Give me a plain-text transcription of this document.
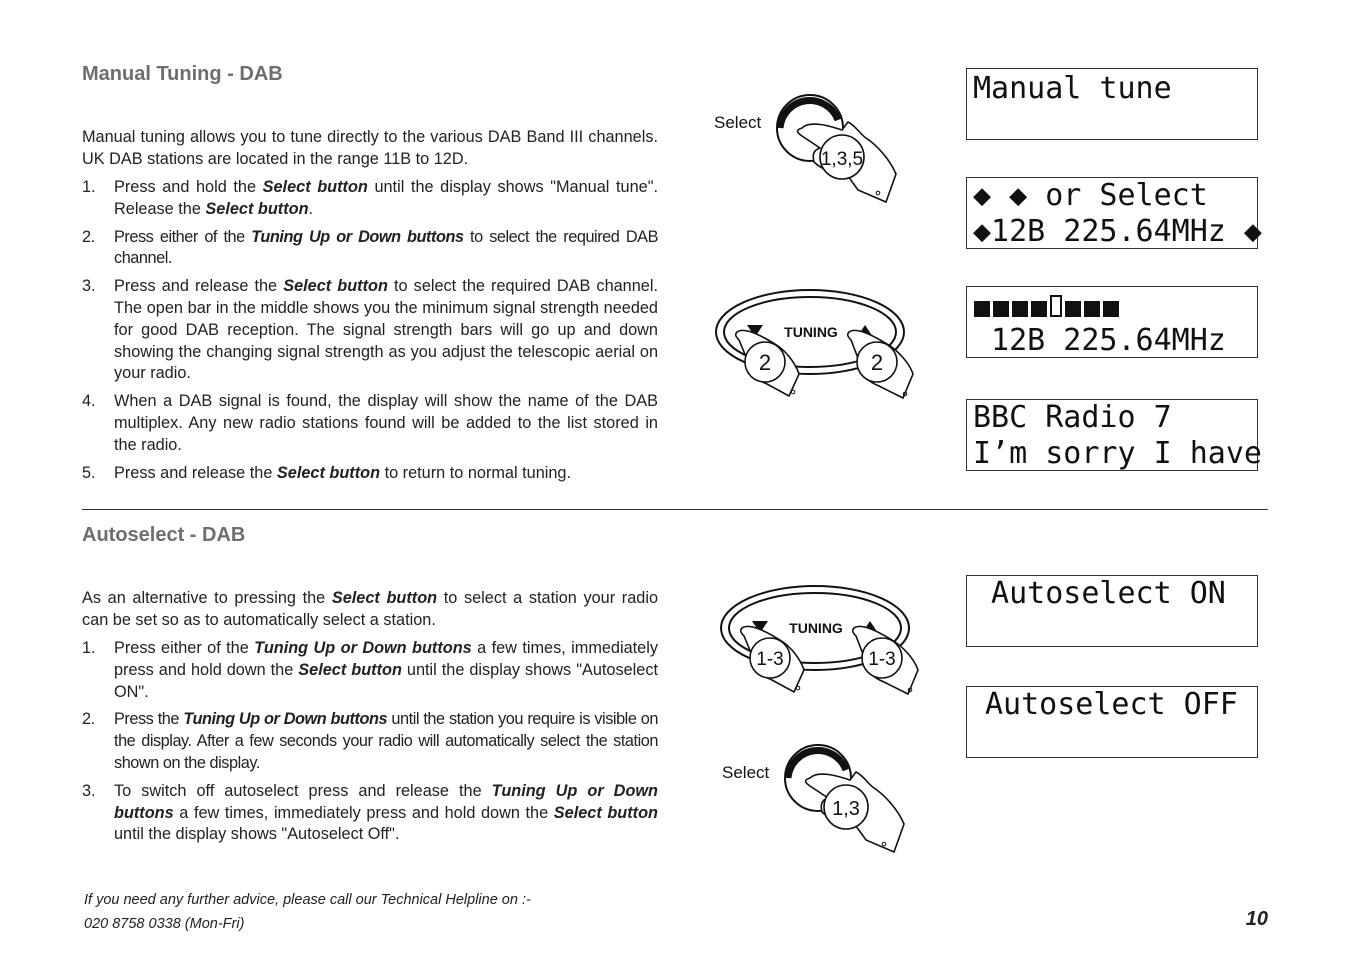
Manual Tuning - DAB

Manual tuning allows you to tune directly to the various DAB Band III channels. UK DAB stations are located in the range 11B to 12D.

1. Press and hold the Select button until the display shows "Manual tune". Release the Select button.
2. Press either of the Tuning Up or Down buttons to select the required DAB channel.
3. Press and release the Select button to select the required DAB channel. The open bar in the middle shows you the minimum signal strength needed for good DAB reception. The signal strength bars will go up and down showing the changing signal strength as you adjust the telescopic aerial on your radio.
4. When a DAB signal is found, the display will show the name of the DAB multiplex. Any new radio stations found will be added to the list stored in the radio.
5. Press and release the Select button to return to normal tuning.
Autoselect - DAB

As an alternative to pressing the Select button to select a station your radio can be set so as to automatically select a station.

1. Press either of the Tuning Up or Down buttons a few times, immediately press and hold down the Select button until the display shows "Autoselect ON".
2. Press the Tuning Up or Down buttons until the station you require is visible on the display. After a few seconds your radio will automatically select the station shown on the display.
3. To switch off autoselect press and release the Tuning Up or Down buttons a few times, immediately press and hold down the Select button until the display shows "Autoselect Off".
Select
1,3,5
TUNING
2	2
TUNING
1-3	1-3
Select
1,3
Manual tune
◆ ◆ or Select
◆12B 225.64MHz ◆
12B 225.64MHz
BBC Radio 7
I’m sorry I have
Autoselect ON
Autoselect OFF
If you need any further advice, please call our Technical Helpline on :-
020 8758 0338 (Mon-Fri)	10
